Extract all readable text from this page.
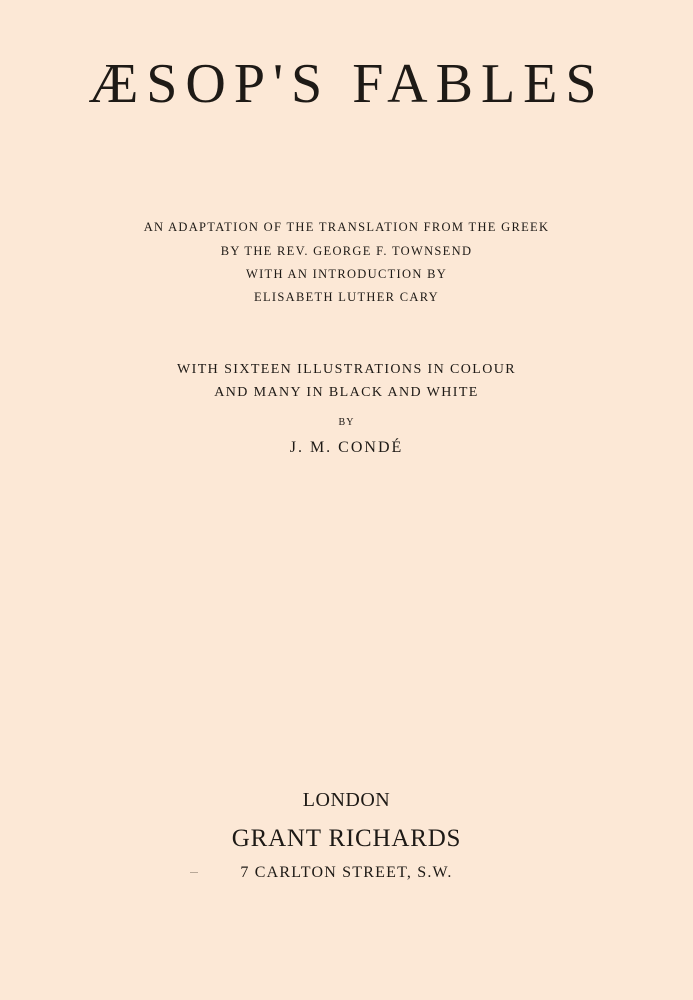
ÆSOP'S FABLES
AN ADAPTATION OF THE TRANSLATION FROM THE GREEK
BY THE REV. GEORGE F. TOWNSEND
WITH AN INTRODUCTION BY
ELISABETH LUTHER CARY
WITH SIXTEEN ILLUSTRATIONS IN COLOUR
AND MANY IN BLACK AND WHITE
BY
J. M. CONDÉ
LONDON
GRANT RICHARDS
7 CARLTON STREET, S.W.
